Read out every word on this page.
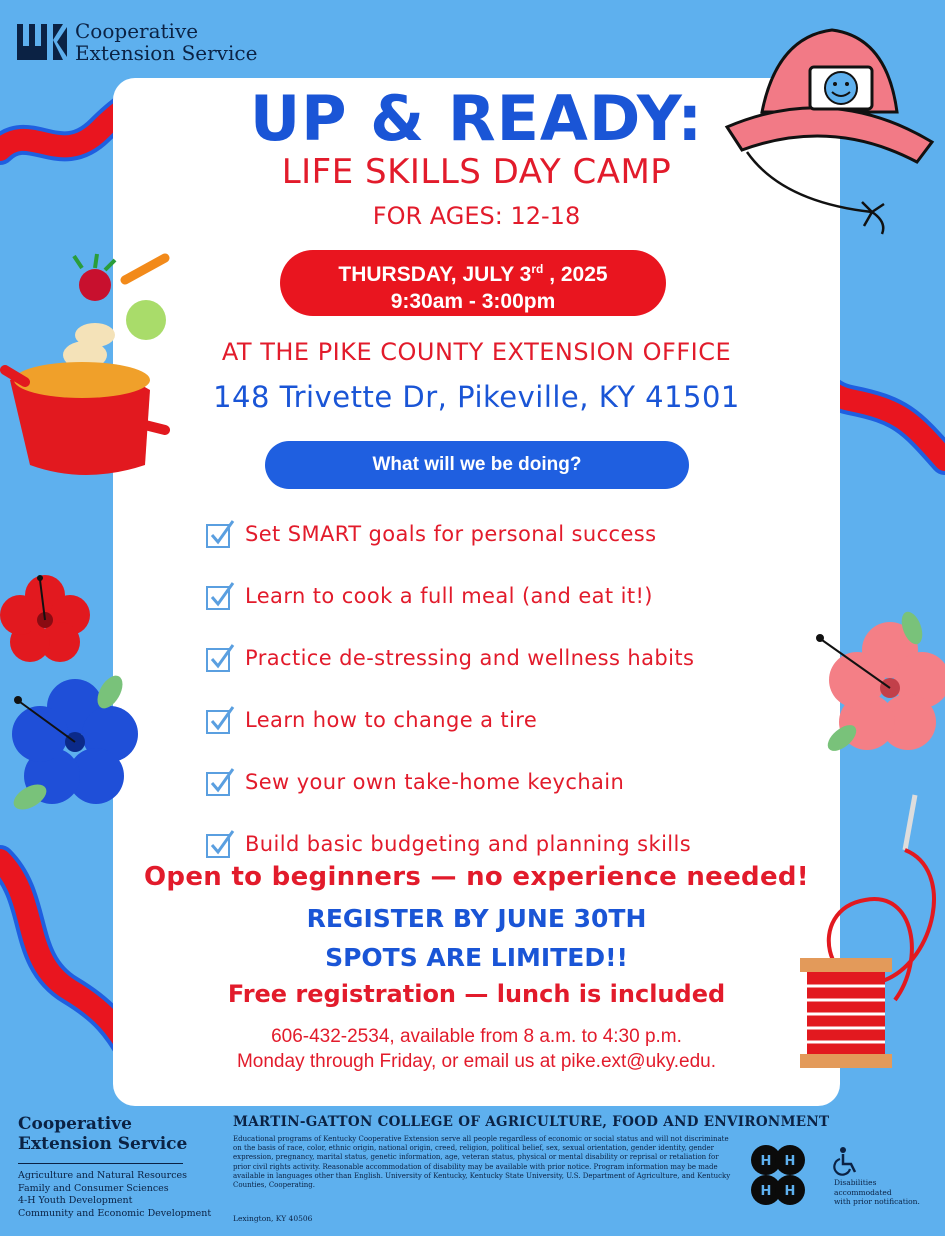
Cooperative
Extension Service
UP & READY:
LIFE SKILLS DAY CAMP
FOR AGES: 12-18
THURSDAY, JULY 3rd , 2025
9:30am - 3:00pm
AT THE PIKE COUNTY EXTENSION OFFICE
148 Trivette Dr, Pikeville, KY 41501
What will we be doing?
Set SMART goals for personal success
Learn to cook a full meal (and eat it!)
Practice de-stressing and wellness habits
Learn how to change a tire
Sew your own take-home keychain
Build basic budgeting and planning skills
Open to beginners — no experience needed!
REGISTER BY JUNE 30TH
SPOTS ARE LIMITED!!
Free registration — lunch is included
606-432-2534, available from 8 a.m. to 4:30 p.m.
Monday through Friday, or email us at pike.ext@uky.edu.
Cooperative
Extension Service
Agriculture and Natural Resources
Family and Consumer Sciences
4-H Youth Development
Community and Economic Development
MARTIN-GATTON COLLEGE OF AGRICULTURE, FOOD AND ENVIRONMENT
Educational programs of Kentucky Cooperative Extension serve all people regardless of economic or social status and will not discriminate on the basis of race, color, ethnic origin, national origin, creed, religion, political belief, sex, sexual orientation, gender identity, gender expression, pregnancy, marital status, genetic information, age, veteran status, physical or mental disability or reprisal or retaliation for prior civil rights activity. Reasonable accommodation of disability may be available with prior notice. Program information may be made available in languages other than English. University of Kentucky, Kentucky State University, U.S. Department of Agriculture, and Kentucky Counties, Cooperating.
Lexington, KY 40506
H H
H H
Disabilities
accommodated
with prior notification.
